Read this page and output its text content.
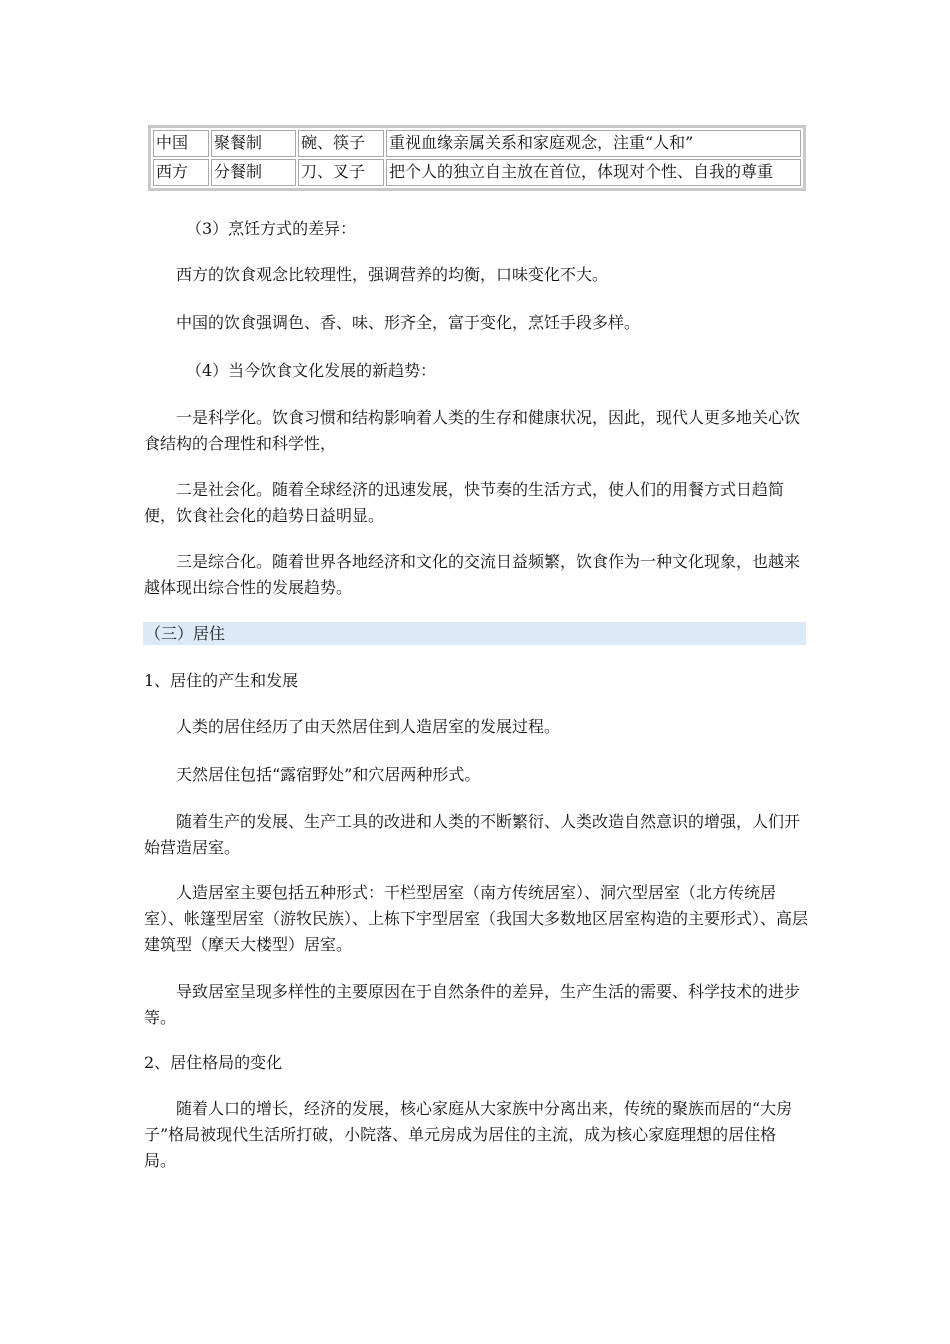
中国	聚餐制	碗、筷子	重视血缘亲属关系和家庭观念，注重“人和”
西方	分餐制	刀、叉子	把个人的独立自主放在首位，体现对个性、自我的尊重

（3）烹饪方式的差异：

西方的饮食观念比较理性，强调营养的均衡，口味变化不大。

中国的饮食强调色、香、味、形齐全，富于变化，烹饪手段多样。

（4）当今饮食文化发展的新趋势：

一是科学化。饮食习惯和结构影响着人类的生存和健康状况，因此，现代人更多地关心饮食结构的合理性和科学性，

二是社会化。随着全球经济的迅速发展，快节奏的生活方式，使人们的用餐方式日趋简便，饮食社会化的趋势日益明显。

三是综合化。随着世界各地经济和文化的交流日益频繁，饮食作为一种文化现象，也越来越体现出综合性的发展趋势。

（三）居住

1、居住的产生和发展

人类的居住经历了由天然居住到人造居室的发展过程。

天然居住包括“露宿野处”和穴居两种形式。

随着生产的发展、生产工具的改进和人类的不断繁衍、人类改造自然意识的增强，人们开始营造居室。

人造居室主要包括五种形式：干栏型居室（南方传统居室）、洞穴型居室（北方传统居室）、帐篷型居室（游牧民族）、上栋下宇型居室（我国大多数地区居室构造的主要形式）、高层建筑型（摩天大楼型）居室。

导致居室呈现多样性的主要原因在于自然条件的差异，生产生活的需要、科学技术的进步等。

2、居住格局的变化

随着人口的增长，经济的发展，核心家庭从大家族中分离出来，传统的聚族而居的“大房子”格局被现代生活所打破，小院落、单元房成为居住的主流，成为核心家庭理想的居住格局。
